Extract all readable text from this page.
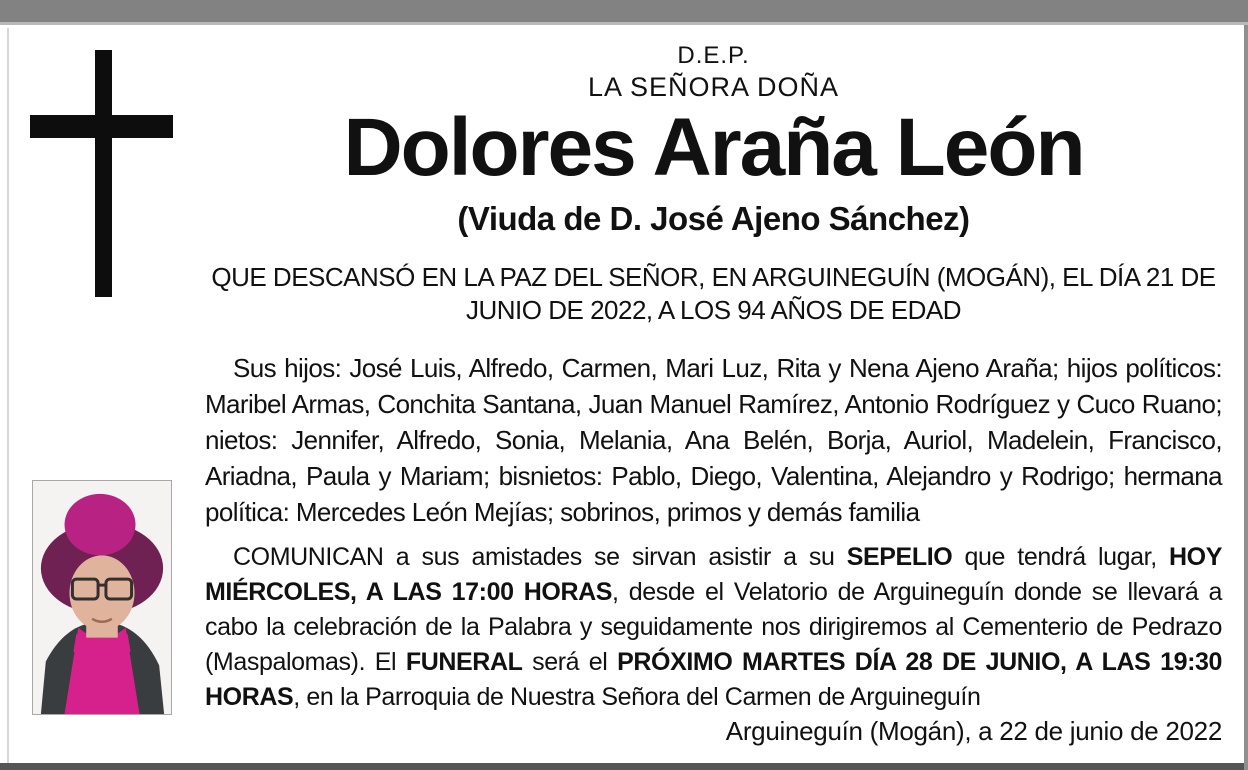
D.E.P.
LA SEÑORA DOÑA
Dolores Araña León
(Viuda de D. José Ajeno Sánchez)
QUE DESCANSÓ EN LA PAZ DEL SEÑOR, EN ARGUINEGUÍN (MOGÁN), EL DÍA 21 DE JUNIO DE 2022, A LOS 94 AÑOS DE EDAD
Sus hijos: José Luis, Alfredo, Carmen, Mari Luz, Rita y Nena Ajeno Araña; hijos políticos: Maribel Armas, Conchita Santana, Juan Manuel Ramírez, Antonio Rodríguez y Cuco Ruano; nietos: Jennifer, Alfredo, Sonia, Melania, Ana Belén, Borja, Auriol, Madelein, Francisco, Ariadna, Paula y Mariam; bisnietos: Pablo, Diego, Valentina, Alejandro y Rodrigo; hermana política: Mercedes León Mejías; sobrinos, primos y demás familia
COMUNICAN a sus amistades se sirvan asistir a su SEPELIO que tendrá lugar, HOY MIÉRCOLES, A LAS 17:00 HORAS, desde el Velatorio de Arguineguín donde se llevará a cabo la celebración de la Palabra y seguidamente nos dirigiremos al Cementerio de Pedrazo (Maspalomas). El FUNERAL será el PRÓXIMO MARTES DÍA 28 DE JUNIO, A LAS 19:30 HORAS, en la Parroquia de Nuestra Señora del Carmen de Arguineguín
Arguineguín (Mogán), a 22 de junio de 2022
